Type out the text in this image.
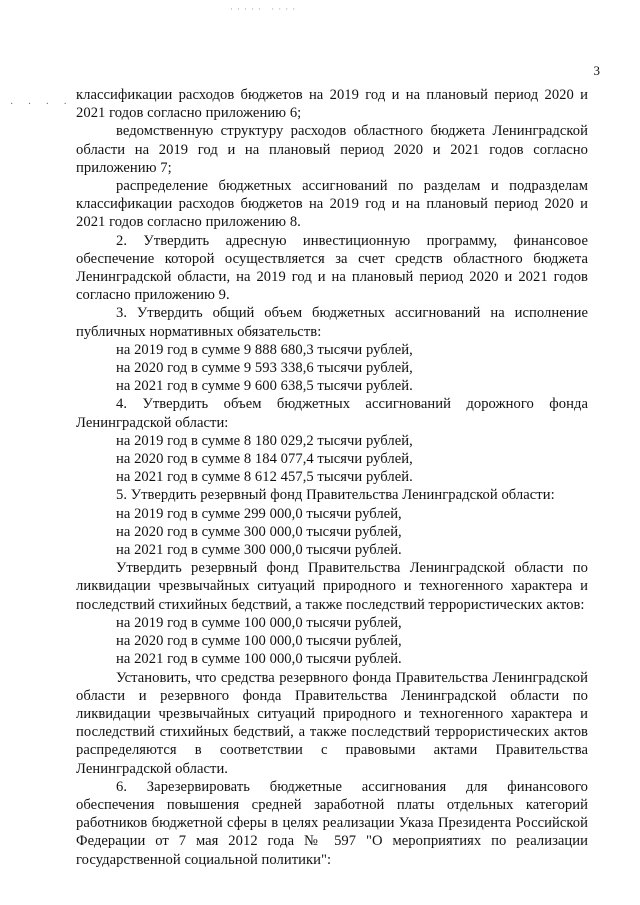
····· ····
· · · ·
3

классификации расходов бюджетов на 2019 год и на плановый период 2020 и 2021 годов согласно приложению 6;

ведомственную структуру расходов областного бюджета Ленинградской области на 2019 год и на плановый период 2020 и 2021 годов согласно приложению 7;

распределение бюджетных ассигнований по разделам и подразделам классификации расходов бюджетов на 2019 год и на плановый период 2020 и 2021 годов согласно приложению 8.

2. Утвердить адресную инвестиционную программу, финансовое обеспечение которой осуществляется за счет средств областного бюджета Ленинградской области, на 2019 год и на плановый период 2020 и 2021 годов согласно приложению 9.

3. Утвердить общий объем бюджетных ассигнований на исполнение публичных нормативных обязательств:

на 2019 год в сумме 9 888 680,3 тысячи рублей,

на 2020 год в сумме 9 593 338,6 тысячи рублей,

на 2021 год в сумме 9 600 638,5 тысячи рублей.

4. Утвердить объем бюджетных ассигнований дорожного фонда Ленинградской области:

на 2019 год в сумме 8 180 029,2 тысячи рублей,

на 2020 год в сумме 8 184 077,4 тысячи рублей,

на 2021 год в сумме 8 612 457,5 тысячи рублей.

5. Утвердить резервный фонд Правительства Ленинградской области:

на 2019 год в сумме 299 000,0 тысячи рублей,

на 2020 год в сумме 300 000,0 тысячи рублей,

на 2021 год в сумме 300 000,0 тысячи рублей.

Утвердить резервный фонд Правительства Ленинградской области по ликвидации чрезвычайных ситуаций природного и техногенного характера и последствий стихийных бедствий, а также последствий террористических актов:

на 2019 год в сумме 100 000,0 тысячи рублей,

на 2020 год в сумме 100 000,0 тысячи рублей,

на 2021 год в сумме 100 000,0 тысячи рублей.

Установить, что средства резервного фонда Правительства Ленинградской области и резервного фонда Правительства Ленинградской области по ликвидации чрезвычайных ситуаций природного и техногенного характера и последствий стихийных бедствий, а также последствий террористических актов распределяются в соответствии с правовыми актами Правительства Ленинградской области.

6. Зарезервировать бюджетные ассигнования для финансового обеспечения повышения средней заработной платы отдельных категорий работников бюджетной сферы в целях реализации Указа Президента Российской Федерации от 7 мая 2012 года № 597 "О мероприятиях по реализации государственной социальной политики":
